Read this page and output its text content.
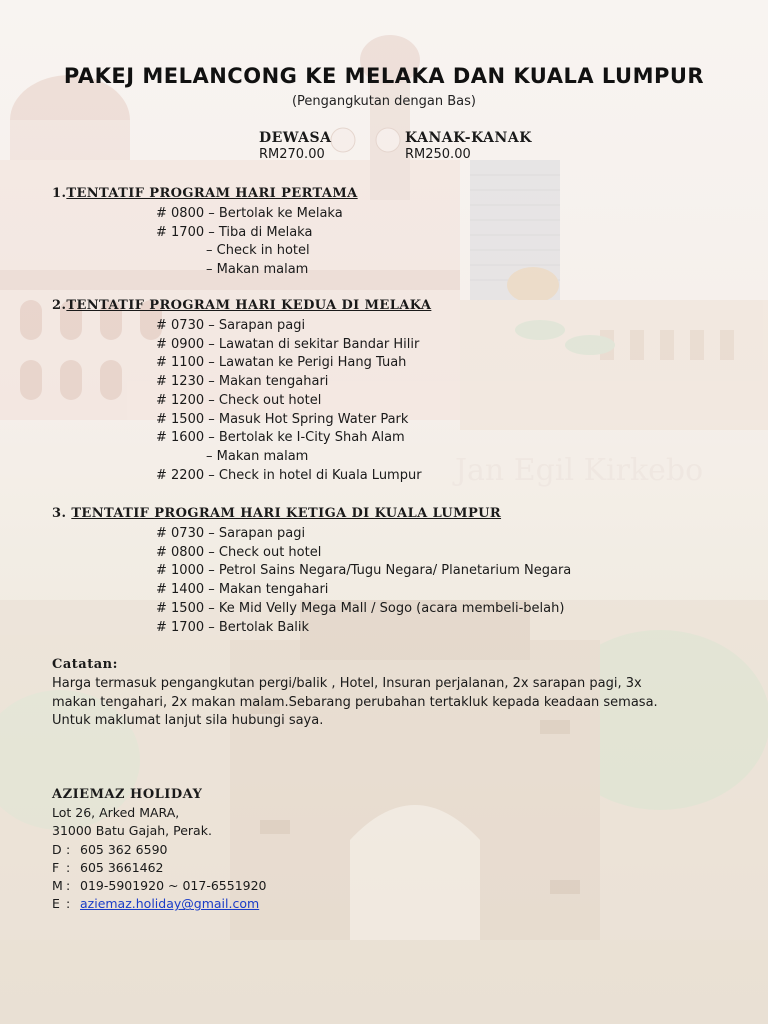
Jan Egil Kirkebo
PAKEJ MELANCONG KE MELAKA DAN KUALA LUMPUR
(Pengangkutan dengan Bas)
DEWASA
RM270.00
KANAK-KANAK
RM250.00
1.TENTATIF PROGRAM HARI PERTAMA
# 0800 – Bertolak ke Melaka
# 1700 – Tiba di Melaka
– Check in hotel
– Makan malam
2.TENTATIF PROGRAM HARI KEDUA DI MELAKA
# 0730 – Sarapan pagi
# 0900 – Lawatan di sekitar Bandar Hilir
# 1100 – Lawatan ke Perigi Hang Tuah
# 1230 – Makan tengahari
# 1200 – Check out hotel
# 1500 – Masuk Hot Spring Water Park
# 1600 – Bertolak ke I-City Shah Alam
– Makan malam
# 2200 – Check in hotel di Kuala Lumpur
3. TENTATIF PROGRAM HARI KETIGA DI KUALA LUMPUR
# 0730 – Sarapan pagi
# 0800 – Check out hotel
# 1000 – Petrol Sains Negara/Tugu Negara/ Planetarium Negara
# 1400 – Makan tengahari
# 1500 – Ke Mid Velly Mega Mall / Sogo (acara membeli-belah)
# 1700 – Bertolak Balik
Catatan:
Harga termasuk pengangkutan pergi/balik , Hotel, Insuran perjalanan, 2x sarapan pagi, 3x
makan tengahari, 2x makan malam.Sebarang perubahan tertakluk kepada keadaan semasa.
Untuk maklumat lanjut sila hubungi saya.
AZIEMAZ HOLIDAY
Lot 26, Arked MARA,
31000 Batu Gajah, Perak.
D : 605 362 6590
F : 605 3661462
M : 019-5901920 ~ 017-6551920
E : aziemaz.holiday@gmail.com
